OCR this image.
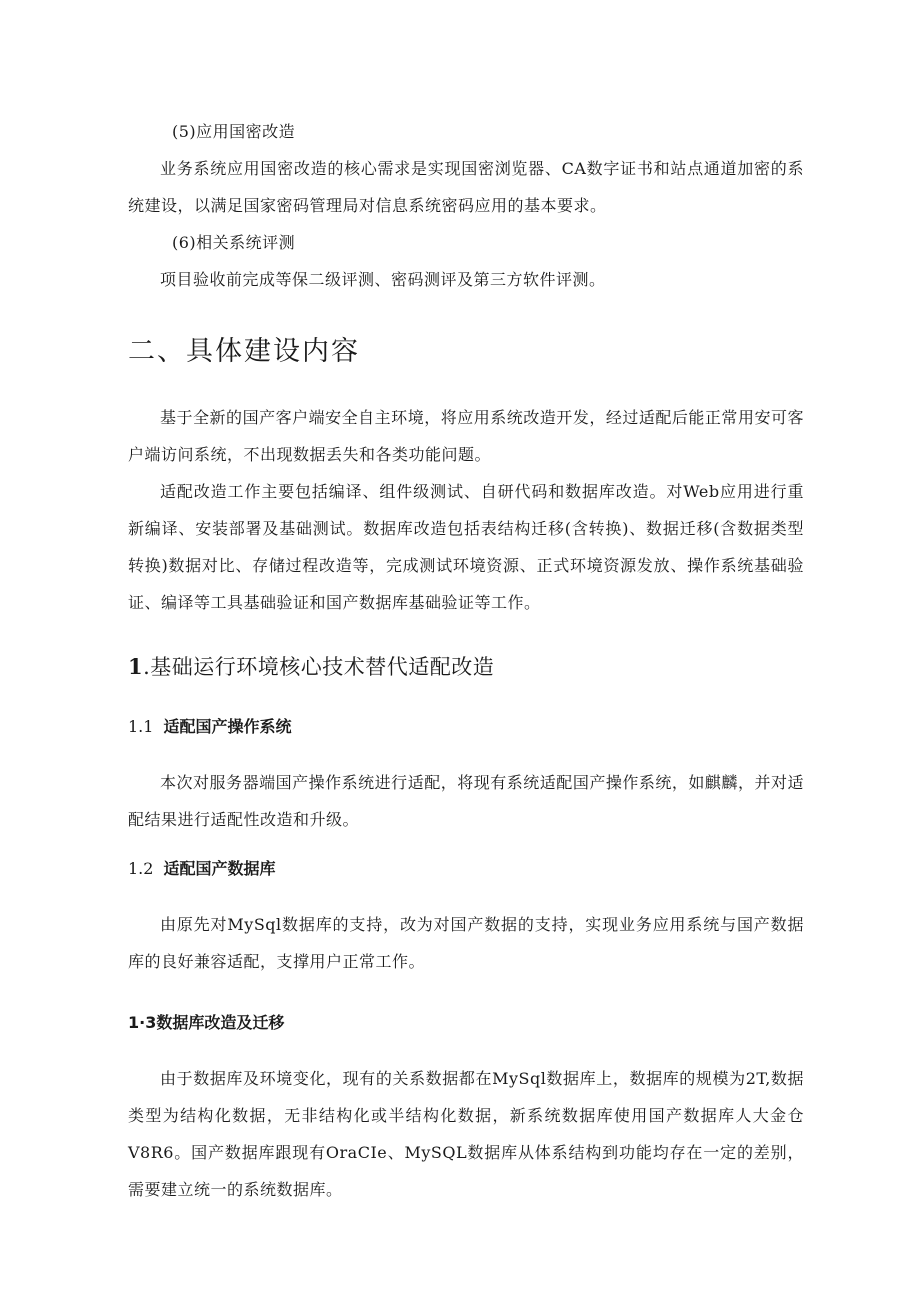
(5)应用国密改造

业务系统应用国密改造的核心需求是实现国密浏览器、CA数字证书和站点通道加密的系统建设，以满足国家密码管理局对信息系统密码应用的基本要求。

(6)相关系统评测

项目验收前完成等保二级评测、密码测评及第三方软件评测。

二、具体建设内容

基于全新的国产客户端安全自主环境，将应用系统改造开发，经过适配后能正常用安可客户端访问系统，不出现数据丢失和各类功能问题。

适配改造工作主要包括编译、组件级测试、自研代码和数据库改造。对Web应用进行重新编译、安装部署及基础测试。数据库改造包括表结构迁移(含转换)、数据迁移(含数据类型转换)数据对比、存储过程改造等，完成测试环境资源、正式环境资源发放、操作系统基础验证、编译等工具基础验证和国产数据库基础验证等工作。

1.基础运行环境核心技术替代适配改造
1.1 适配国产操作系统

本次对服务器端国产操作系统进行适配，将现有系统适配国产操作系统，如麒麟，并对适配结果进行适配性改造和升级。

1.2 适配国产数据库

由原先对MySql数据库的支持，改为对国产数据的支持，实现业务应用系统与国产数据库的良好兼容适配，支撑用户正常工作。

1·3数据库改造及迁移

由于数据库及环境变化，现有的关系数据都在MySql数据库上，数据库的规模为2T,数据类型为结构化数据，无非结构化或半结构化数据，新系统数据库使用国产数据库人大金仓V8R6。国产数据库跟现有OraCIe、MySQL数据库从体系结构到功能均存在一定的差别，需要建立统一的系统数据库。
